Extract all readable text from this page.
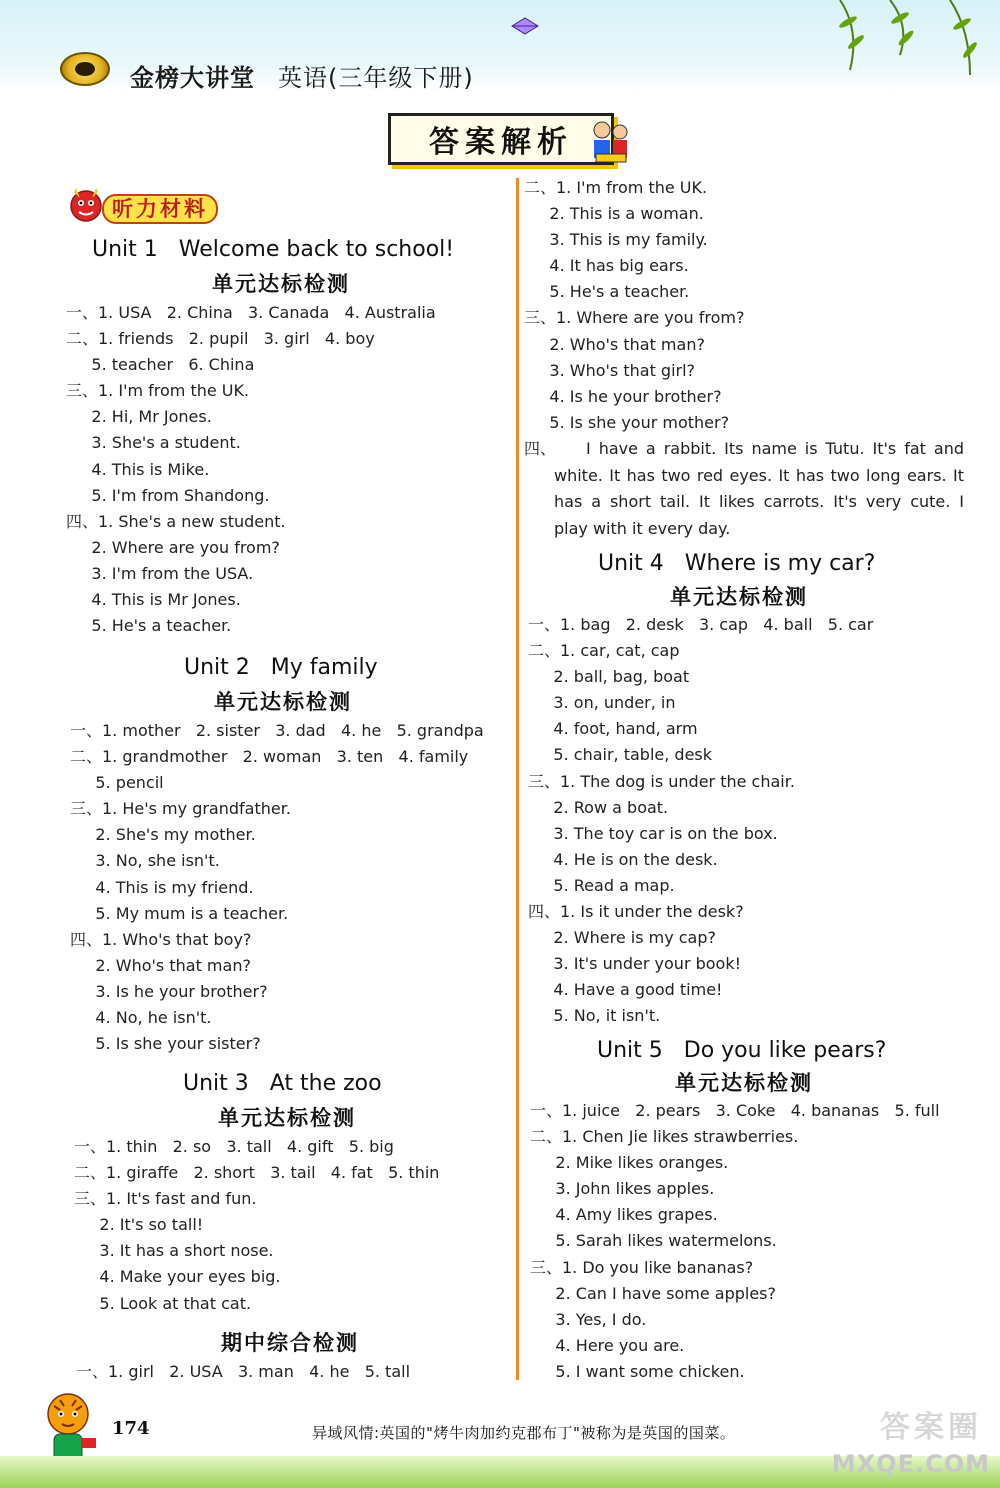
金榜大讲堂 英语(三年级下册)
答案解析
听力材料
Unit 1   Welcome back to school!
单元达标检测
一、1. USA   2. China   3. Canada   4. Australia
二、1. friends   2. pupil   3. girl   4. boy
5. teacher   6. China
三、1. I'm from the UK.
2. Hi, Mr Jones.
3. She's a student.
4. This is Mike.
5. I'm from Shandong.
四、1. She's a new student.
2. Where are you from?
3. I'm from the USA.
4. This is Mr Jones.
5. He's a teacher.
Unit 2   My family
单元达标检测
一、1. mother   2. sister   3. dad   4. he   5. grandpa
二、1. grandmother   2. woman   3. ten   4. family
5. pencil
三、1. He's my grandfather.
2. She's my mother.
3. No, she isn't.
4. This is my friend.
5. My mum is a teacher.
四、1. Who's that boy?
2. Who's that man?
3. Is he your brother?
4. No, he isn't.
5. Is she your sister?
Unit 3   At the zoo
单元达标检测
一、1. thin   2. so   3. tall   4. gift   5. big
二、1. giraffe   2. short   3. tail   4. fat   5. thin
三、1. It's fast and fun.
2. It's so tall!
3. It has a short nose.
4. Make your eyes big.
5. Look at that cat.
期中综合检测
一、1. girl   2. USA   3. man   4. he   5. tall
二、1. I'm from the UK.
2. This is a woman.
3. This is my family.
4. It has big ears.
5. He's a teacher.
三、1. Where are you from?
2. Who's that man?
3. Who's that girl?
4. Is he your brother?
5. Is she your mother?
四、	I have a rabbit. Its name is Tutu. It's fat and white. It has two red eyes. It has two long ears. It has a short tail. It likes carrots. It's very cute. I play with it every day.
Unit 4   Where is my car?
单元达标检测
一、1. bag   2. desk   3. cap   4. ball   5. car
二、1. car, cat, cap
2. ball, bag, boat
3. on, under, in
4. foot, hand, arm
5. chair, table, desk
三、1. The dog is under the chair.
2. Row a boat.
3. The toy car is on the box.
4. He is on the desk.
5. Read a map.
四、1. Is it under the desk?
2. Where is my cap?
3. It's under your book!
4. Have a good time!
5. No, it isn't.
Unit 5   Do you like pears?
单元达标检测
一、1. juice   2. pears   3. Coke   4. bananas   5. full
二、1. Chen Jie likes strawberries.
2. Mike likes oranges.
3. John likes apples.
4. Amy likes grapes.
5. Sarah likes watermelons.
三、1. Do you like bananas?
2. Can I have some apples?
3. Yes, I do.
4. Here you are.
5. I want some chicken.
174	异域风情:英国的"烤牛肉加约克郡布丁"被称为是英国的国菜。	答案圈
MXQE.COM
